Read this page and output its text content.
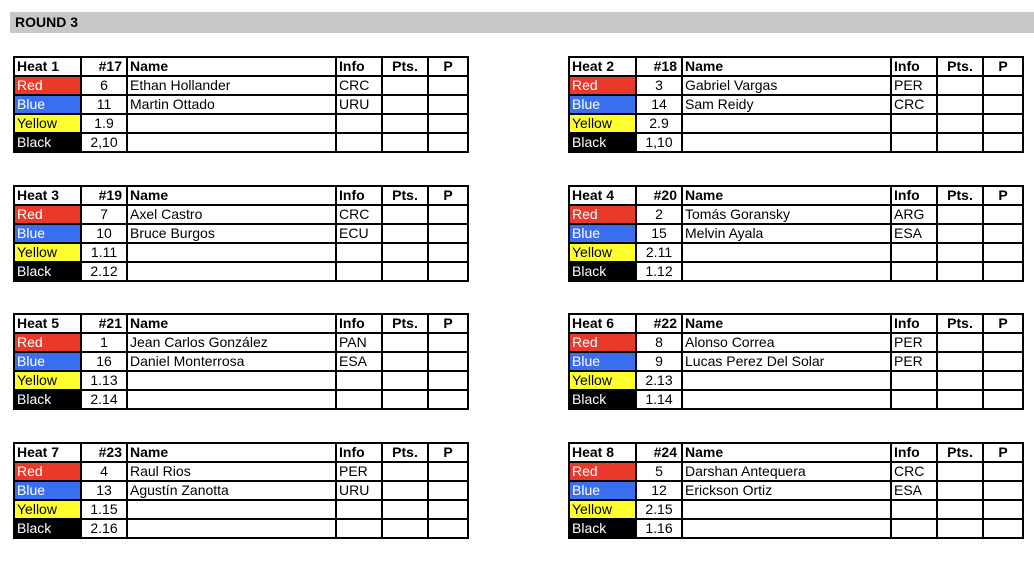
ROUND 3
Heat 1	#17	Name	Info	Pts.	P
Red	6	Ethan Hollander	CRC		
Blue	11	Martin Ottado	URU		
Yellow	1.9				
Black	2,10				
Heat 2	#18	Name	Info	Pts.	P
Red	3	Gabriel Vargas	PER		
Blue	14	Sam Reidy	CRC		
Yellow	2.9				
Black	1,10				
Heat 3	#19	Name	Info	Pts.	P
Red	7	Axel Castro	CRC		
Blue	10	Bruce Burgos	ECU		
Yellow	1.11				
Black	2.12				
Heat 4	#20	Name	Info	Pts.	P
Red	2	Tomás Goransky	ARG		
Blue	15	Melvin Ayala	ESA		
Yellow	2.11				
Black	1.12				
Heat 5	#21	Name	Info	Pts.	P
Red	1	Jean Carlos González	PAN		
Blue	16	Daniel Monterrosa	ESA		
Yellow	1.13				
Black	2.14				
Heat 6	#22	Name	Info	Pts.	P
Red	8	Alonso Correa	PER		
Blue	9	Lucas Perez Del Solar	PER		
Yellow	2.13				
Black	1.14				
Heat 7	#23	Name	Info	Pts.	P
Red	4	Raul Rios	PER		
Blue	13	Agustín Zanotta	URU		
Yellow	1.15				
Black	2.16				
Heat 8	#24	Name	Info	Pts.	P
Red	5	Darshan Antequera	CRC		
Blue	12	Erickson Ortiz	ESA		
Yellow	2.15				
Black	1.16				
